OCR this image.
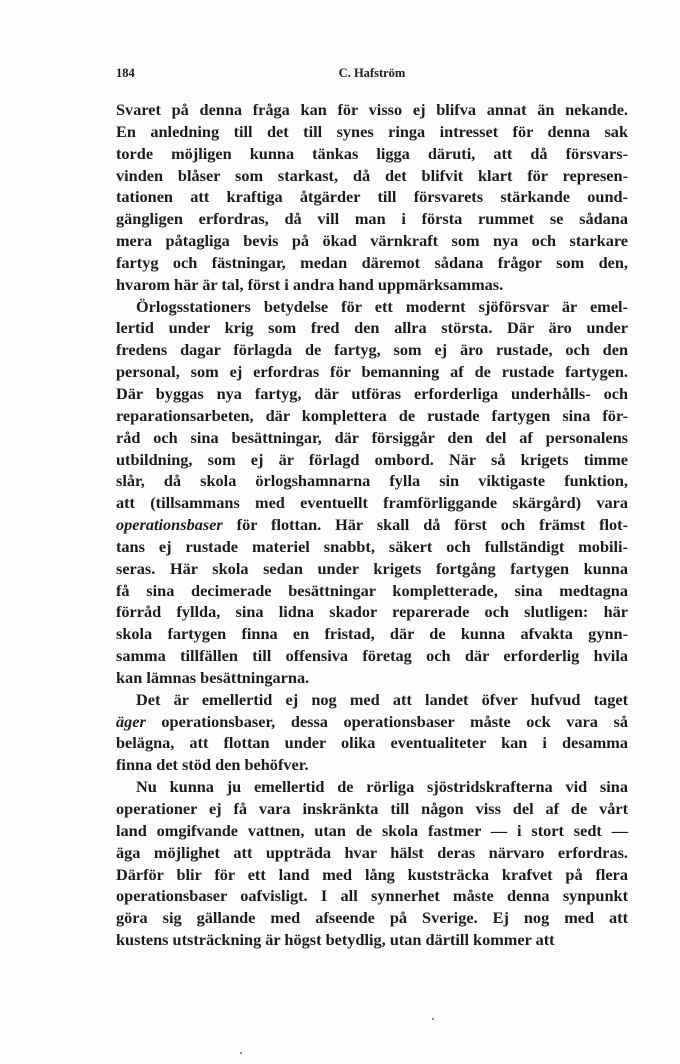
184	C. Hafström
Svaret på denna fråga kan för visso ej blifva annat än nekande.
En anledning till det till synes ringa intresset för denna sak
torde möjligen kunna tänkas ligga däruti, att då försvars-
vinden blåser som starkast, då det blifvit klart för represen-
tationen att kraftiga åtgärder till försvarets stärkande ound-
gängligen erfordras, då vill man i första rummet se sådana
mera påtagliga bevis på ökad värnkraft som nya och starkare
fartyg och fästningar, medan däremot sådana frågor som den,
hvarom här är tal, först i andra hand uppmärksammas.
Örlogsstationers betydelse för ett modernt sjöförsvar är emel-
lertid under krig som fred den allra största. Där äro under
fredens dagar förlagda de fartyg, som ej äro rustade, och den
personal, som ej erfordras för bemanning af de rustade fartygen.
Där byggas nya fartyg, där utföras erforderliga underhålls- och
reparationsarbeten, där komplettera de rustade fartygen sina för-
råd och sina besättningar, där försiggår den del af personalens
utbildning, som ej är förlagd ombord. När så krigets timme
slår, då skola örlogshamnarna fylla sin viktigaste funktion,
att (tillsammans med eventuellt framförliggande skärgård) vara
operationsbaser för flottan. Här skall då först och främst flot-
tans ej rustade materiel snabbt, säkert och fullständigt mobili-
seras. Här skola sedan under krigets fortgång fartygen kunna
få sina decimerade besättningar kompletterade, sina medtagna
förråd fyllda, sina lidna skador reparerade och slutligen: här
skola fartygen finna en fristad, där de kunna afvakta gynn-
samma tillfällen till offensiva företag och där erforderlig hvila
kan lämnas besättningarna.
Det är emellertid ej nog med att landet öfver hufvud taget
äger operationsbaser, dessa operationsbaser måste ock vara så
belägna, att flottan under olika eventualiteter kan i desamma
finna det stöd den behöfver.
Nu kunna ju emellertid de rörliga sjöstridskrafterna vid sina
operationer ej få vara inskränkta till någon viss del af de vårt
land omgifvande vattnen, utan de skola fastmer — i stort sedt —
äga möjlighet att uppträda hvar hälst deras närvaro erfordras.
Därför blir för ett land med lång kuststräcka krafvet på flera
operationsbaser oafvisligt. I all synnerhet måste denna synpunkt
göra sig gällande med afseende på Sverige. Ej nog med att
kustens utsträckning är högst betydlig, utan därtill kommer att
